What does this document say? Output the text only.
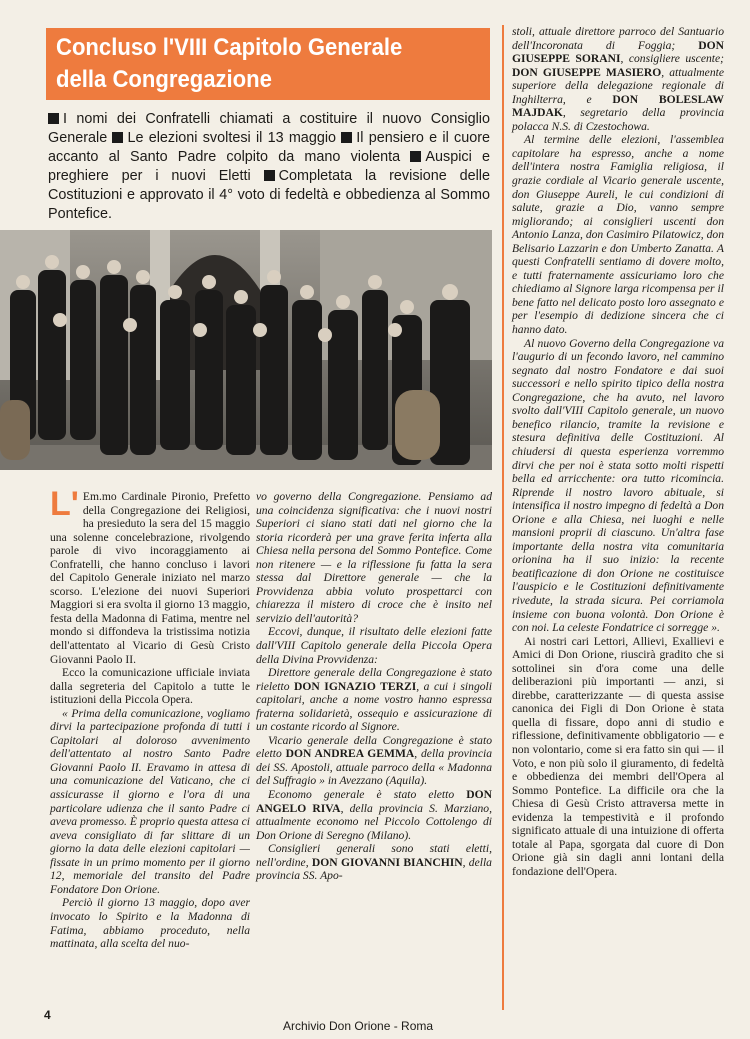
Concluso l'VIII Capitolo Generale
della Congregazione
I nomi dei Confratelli chiamati a costituire il nuovo Consiglio Generale Le elezioni svoltesi il 13 maggio Il pensiero e il cuore accanto al Santo Padre colpito da mano violenta Auspici e preghiere per i nuovi Eletti Completata la revisione delle Costituzioni e approvato il 4° voto di fedeltà e obbedienza al Sommo Pontefice.

L' Em.mo Cardinale Pironio, Prefetto della Congregazione dei Religiosi, ha presieduto la sera del 15 maggio una solenne concelebrazione, rivolgendo parole di vivo incoraggiamento ai Confratelli, che hanno concluso i lavori del Capitolo Generale iniziato nel marzo scorso. L'elezione dei nuovi Superiori Maggiori si era svolta il giorno 13 maggio, festa della Madonna di Fatima, mentre nel mondo si diffondeva la tristissima notizia dell'attentato al Vicario di Gesù Cristo Giovanni Paolo II.

Ecco la comunicazione ufficiale inviata dalla segreteria del Capitolo a tutte le istituzioni della Piccola Opera.

« Prima della comunicazione, vogliamo dirvi la partecipazione profonda di tutti i Capitolari al doloroso avvenimento dell'attentato al nostro Santo Padre Giovanni Paolo II. Eravamo in attesa di una comunicazione del Vaticano, che ci assicurasse il giorno e l'ora di una particolare udienza che il santo Padre ci aveva promesso. È proprio questa attesa ci aveva consigliato di far slittare di un giorno la data delle elezioni capitolari — fissate in un primo momento per il giorno 12, memoriale del transito del Padre Fondatore Don Orione.

Perciò il giorno 13 maggio, dopo aver invocato lo Spirito e la Madonna di Fatima, abbiamo proceduto, nella mattinata, alla scelta del nuo-

vo governo della Congregazione. Pensiamo ad una coincidenza significativa: che i nuovi nostri Superiori ci siano stati dati nel giorno che la storia ricorderà per una grave ferita inferta alla Chiesa nella persona del Sommo Pontefice. Come non ritenere — e la riflessione fu fatta la sera stessa dal Direttore generale — che la Provvidenza abbia voluto prospettarci con chiarezza il mistero di croce che è insito nel servizio dell'autorità?

Eccovi, dunque, il risultato delle elezioni fatte dall'VIII Capitolo generale della Piccola Opera della Divina Provvidenza:

Direttore generale della Congregazione è stato rieletto DON IGNAZIO TERZI, a cui i singoli capitolari, anche a nome vostro hanno espressa fraterna solidarietà, ossequio e assicurazione di un costante ricordo al Signore.

Vicario generale della Congregazione è stato eletto DON ANDREA GEMMA, della provincia dei SS. Apostoli, attuale parroco della « Madonna del Suffragio » in Avezzano (Aquila).

Economo generale è stato eletto DON ANGELO RIVA, della provincia S. Marziano, attualmente economo nel Piccolo Cottolengo di Don Orione di Seregno (Milano).

Consiglieri generali sono stati eletti, nell'ordine, DON GIOVANNI BIANCHIN, della provincia SS. Apo-

stoli, attuale direttore parroco del Santuario dell'Incoronata di Foggia; DON GIUSEPPE SORANI, consigliere uscente; DON GIUSEPPE MASIERO, attualmente superiore della delegazione regionale di Inghilterra, e DON BOLESLAW MAJDAK, segretario della provincia polacca N.S. di Czestochowa.

Al termine delle elezioni, l'assemblea capitolare ha espresso, anche a nome dell'intera nostra Famiglia religiosa, il grazie cordiale al Vicario generale uscente, don Giuseppe Aureli, le cui condizioni di salute, grazie a Dio, vanno sempre migliorando; ai consiglieri uscenti don Antonio Lanza, don Casimiro Pilatowicz, don Belisario Lazzarin e don Umberto Zanatta. A questi Confratelli sentiamo di dovere molto, e tutti fraternamente assicuriamo loro che chiediamo al Signore larga ricompensa per il bene fatto nel delicato posto loro assegnato e per l'esempio di dedizione sincera che ci hanno dato.

Al nuovo Governo della Congregazione va l'augurio di un fecondo lavoro, nel cammino segnato dal nostro Fondatore e dai suoi successori e nello spirito tipico della nostra Congregazione, che ha avuto, nel lavoro svolto dall'VIII Capitolo generale, un nuovo benefico rilancio, tramite la revisione e stesura definitiva delle Costituzioni. Al chiudersi di questa esperienza vorremmo dirvi che per noi è stata sotto molti rispetti bella ed arricchente: ora tutto ricomincia. Riprende il nostro lavoro abituale, si intensifica il nostro impegno di fedeltà a Don Orione e alla Chiesa, nei luoghi e nelle mansioni proprii di ciascuno. Un'altra fase importante della nostra vita comunitaria orionina ha il suo inizio: la recente beatificazione di don Orione ne costituisce l'auspicio e le Costituzioni definitivamente rivedute, la strada sicura. Pei corriamola insieme con buona volontà. Don Orione è con noi. La celeste Fondatrice ci sorregge ».

Ai nostri cari Lettori, Allievi, Exallievi e Amici di Don Orione, riuscirà gradito che si sottolinei sin d'ora come una delle deliberazioni più importanti — anzi, si direbbe, caratterizzante — di questa assise canonica dei Figli di Don Orione è stata quella di fissare, dopo anni di studio e riflessione, definitivamente obbligatorio — e non volontario, come si era fatto sin qui — il Voto, e non più solo il giuramento, di fedeltà e obbedienza dei membri dell'Opera al Sommo Pontefice. La difficile ora che la Chiesa di Gesù Cristo attraversa mette in evidenza la tempestività e il profondo significato attuale di una intuizione di offerta totale al Papa, sgorgata dal cuore di Don Orione già sin dagli anni lontani della fondazione dell'Opera.

4
Archivio Don Orione - Roma
